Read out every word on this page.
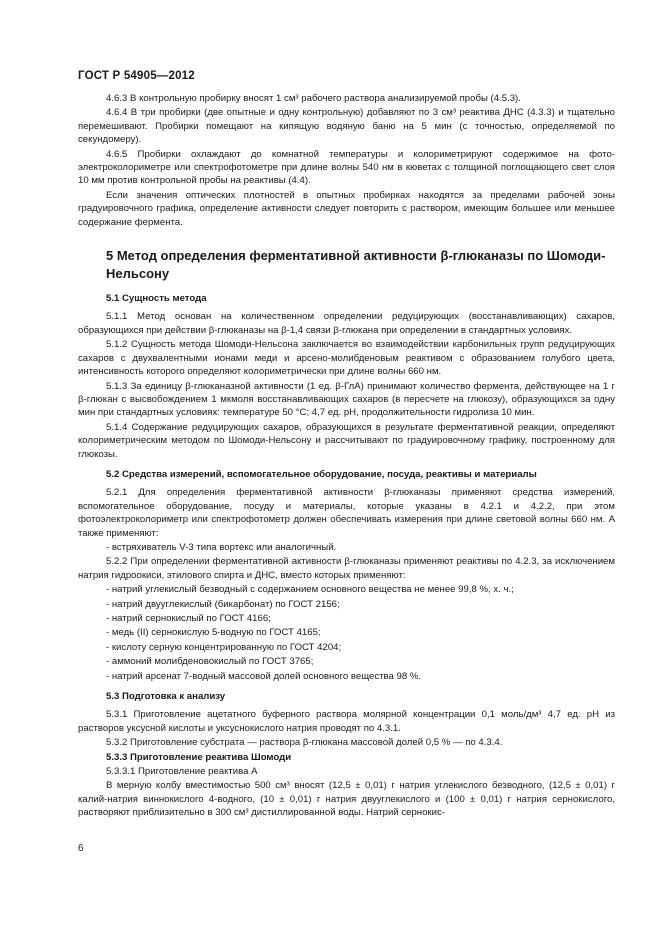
ГОСТ Р 54905—2012
4.6.3 В контрольную пробирку вносят 1 см³ рабочего раствора анализируемой пробы (4.5.3).
4.6.4 В три пробирки (две опытные и одну контрольную) добавляют по 3 см³ реактива ДНС (4.3.3) и тщательно перемешивают. Пробирки помещают на кипящую водяную баню на 5 мин (с точностью, определяемой по секундомеру).
4.6.5 Пробирки охлаждают до комнатной температуры и колориметрируют содержимое на фотоэлектроколориметре или спектрофотометре при длине волны 540 нм в кюветах с толщиной поглощающего свет слоя 10 мм против контрольной пробы на реактивы (4.4).
Если значения оптических плотностей в опытных пробирках находятся за пределами рабочей зоны градуировочного графика, определение активности следует повторить с раствором, имеющим большее или меньшее содержание фермента.
5 Метод определения ферментативной активности β-глюканазы по Шомоди-Нельсону
5.1 Сущность метода
5.1.1 Метод основан на количественном определении редуцирующих (восстанавливающих) сахаров, образующихся при действии β-глюканазы на β-1,4 связи β-глюкана при определении в стандартных условиях.
5.1.2 Сущность метода Шомоди-Нельсона заключается во взаимодействии карбонильных групп редуцирующих сахаров с двухвалентными ионами меди и арсено-молибденовым реактивом с образованием голубого цвета, интенсивность которого определяют колориметрически при длине волны 660 нм.
5.1.3 За единицу β-глюканазной активности (1 ед. β-ГлА) принимают количество фермента, действующее на 1 г β-глюкан с высвобождением 1 мкмоля восстанавливающих сахаров (в пересчете на глюкозу), образующихся за одну мин при стандартных условиях: температуре 50 °С; 4,7 ед. рН, продолжительности гидролиза 10 мин.
5.1.4 Содержание редуцирующих сахаров, образующихся в результате ферментативной реакции, определяют колориметрическим методом по Шомоди-Нельсону и рассчитывают по градуировочному графику, построенному для глюкозы.
5.2 Средства измерений, вспомогательное оборудование, посуда, реактивы и материалы
5.2.1 Для определения ферментативной активности β-глюканазы применяют средства измерений, вспомогательное оборудование, посуду и материалы, которые указаны в 4.2.1 и 4.2.2, при этом фотоэлектроколориметр или спектрофотометр должен обеспечивать измерения при длине световой волны 660 нм. А также применяют:
- встряхиватель V-3 типа вортекс или аналогичный.
5.2.2 При определении ферментативной активности β-глюканазы применяют реактивы по 4.2.3, за исключением натрия гидроокиси, этилового спирта и ДНС, вместо которых применяют:
- натрий углекислый безводный с содержанием основного вещества не менее 99,8 %, х. ч.;
- натрий двууглекислый (бикарбонат) по ГОСТ 2156;
- натрий сернокислый по ГОСТ 4166;
- медь (II) сернокислую 5-водную по ГОСТ 4165;
- кислоту серную концентрированную по ГОСТ 4204;
- аммоний молибденовокислый по ГОСТ 3765;
- натрий арсенат 7-водный массовой долей основного вещества 98 %.
5.3 Подготовка к анализу
5.3.1 Приготовление ацетатного буферного раствора молярной концентрации 0,1 моль/дм³ 4,7 ед. рН из растворов уксусной кислоты и уксуснокислого натрия проводят по 4.3.1.
5.3.2 Приготовление субстрата — раствора β-глюкана массовой долей 0,5 % — по 4.3.4.
5.3.3 Приготовление реактива Шомоди
5.3.3.1 Приготовление реактива А
В мерную колбу вместимостью 500 см³ вносят (12,5 ± 0,01) г натрия углекислого безводного, (12,5 ± 0,01) г калий-натрия виннокислого 4-водного, (10 ± 0,01) г натрия двууглекислого и (100 ± 0,01) г натрия сернокислого, растворяют приблизительно в 300 см³ дистиллированной воды. Натрий сернокис-
6
